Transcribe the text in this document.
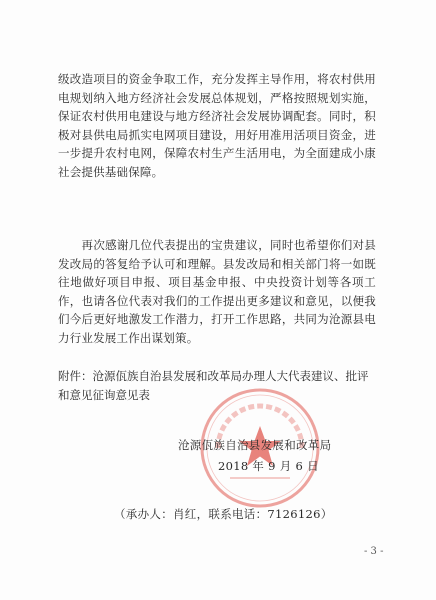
级改造项目的资金争取工作，充分发挥主导作用，将农村供用电规划纳入地方经济社会发展总体规划，严格按照规划实施，保证农村供用电建设与地方经济社会发展协调配套。同时，积极对县供电局抓实电网项目建设，用好用准用活项目资金，进一步提升农村电网，保障农村生产生活用电，为全面建成小康社会提供基础保障。
　　再次感谢几位代表提出的宝贵建议，同时也希望你们对县发改局的答复给予认可和理解。县发改局和相关部门将一如既往地做好项目申报、项目基金申报、中央投资计划等各项工作，也请各位代表对我们的工作提出更多建议和意见，以便我们今后更好地激发工作潜力，打开工作思路，共同为沧源县电力行业发展工作出谋划策。
附件：沧源佤族自治县发展和改革局办理人大代表建议、批评和意见征询意见表
沧源佤族自治县发展和改革局
2018 年 9 月 6 日
（承办人：肖红，联系电话：7126126）
- 3 -
